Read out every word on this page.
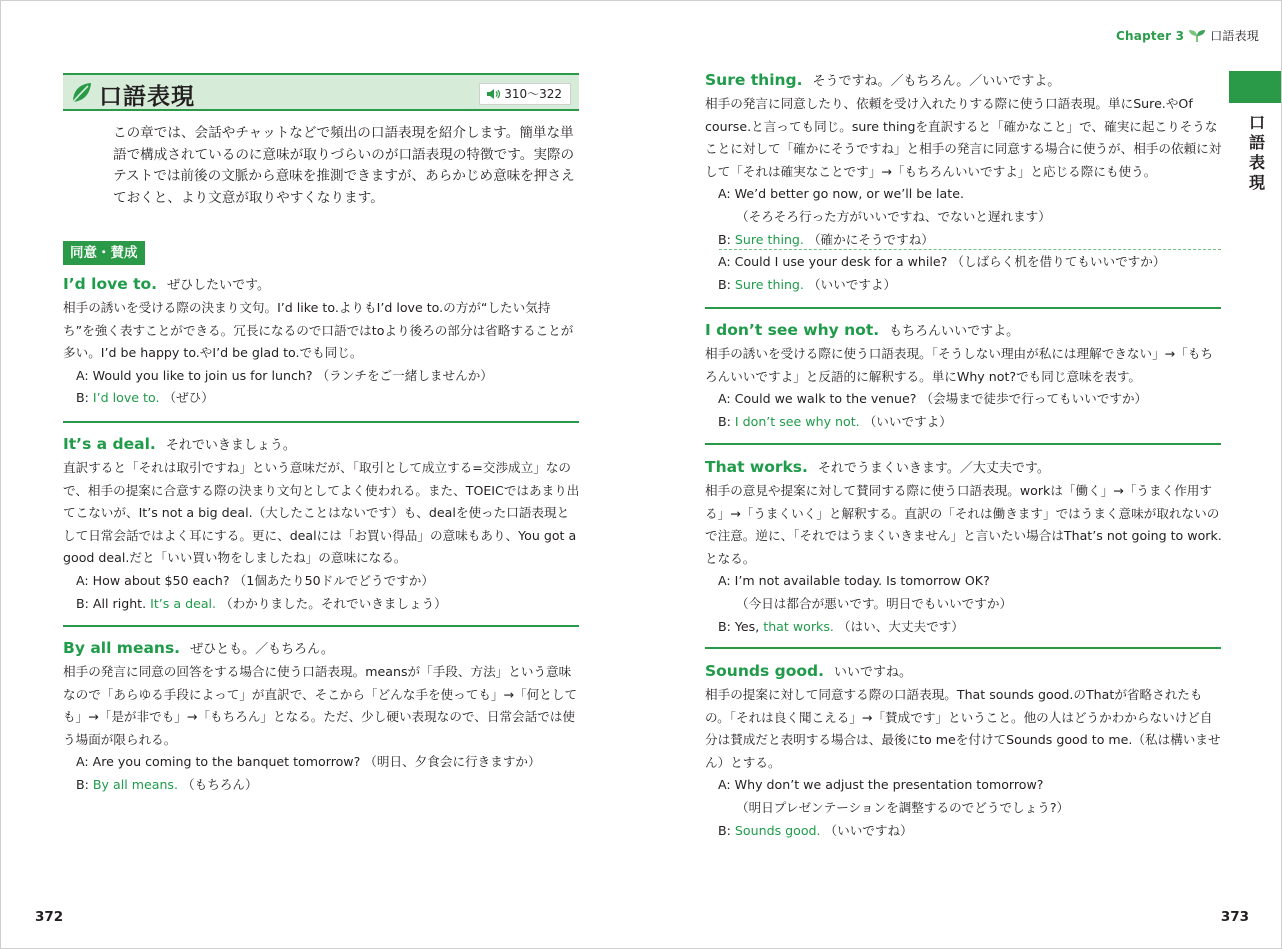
Chapter 3 口語表現
口語表現
口語表現	310～322
この章では、会話やチャットなどで頻出の口語表現を紹介します。簡単な単語で構成されているのに意味が取りづらいのが口語表現の特徴です。実際のテストでは前後の文脈から意味を推測できますが、あらかじめ意味を押さえておくと、より文意が取りやすくなります。
同意・賛成
I’d love to. ぜひしたいです。

相手の誘いを受ける際の決まり文句。I’d like to.よりもI’d love to.の方が“したい気持ち”を強く表すことができる。冗長になるので口語ではtoより後ろの部分は省略することが多い。I’d be happy to.やI’d be glad to.でも同じ。

A: Would you like to join us for lunch? （ランチをご一緒しませんか）
B: I’d love to. （ぜひ）
It’s a deal. それでいきましょう。

直訳すると「それは取引ですね」という意味だが、「取引として成立する=交渉成立」なので、相手の提案に合意する際の決まり文句としてよく使われる。また、TOEICではあまり出てこないが、It’s not a big deal.（大したことはないです）も、dealを使った口語表現として日常会話ではよく耳にする。更に、dealには「お買い得品」の意味もあり、You got a good deal.だと「いい買い物をしましたね」の意味になる。

A: How about $50 each? （1個あたり50ドルでどうですか）
B: All right. It’s a deal. （わかりました。それでいきましょう）
By all means. ぜひとも。／もちろん。

相手の発言に同意の回答をする場合に使う口語表現。meansが「手段、方法」という意味なので「あらゆる手段によって」が直訳で、そこから「どんな手を使っても」→「何としても」→「是が非でも」→「もちろん」となる。ただ、少し硬い表現なので、日常会話では使う場面が限られる。

A: Are you coming to the banquet tomorrow? （明日、夕食会に行きますか）
B: By all means. （もちろん）
Sure thing. そうですね。／もちろん。／いいですよ。

相手の発言に同意したり、依頼を受け入れたりする際に使う口語表現。単にSure.やOf course.と言っても同じ。sure thingを直訳すると「確かなこと」で、確実に起こりそうなことに対して「確かにそうですね」と相手の発言に同意する場合に使うが、相手の依頼に対して「それは確実なことです」→「もちろんいいですよ」と応じる際にも使う。

A: We’d better go now, or we’ll be late.
（そろそろ行った方がいいですね、でないと遅れます）
B: Sure thing. （確かにそうですね）
A: Could I use your desk for a while? （しばらく机を借りてもいいですか）
B: Sure thing. （いいですよ）
I don’t see why not. もちろんいいですよ。

相手の誘いを受ける際に使う口語表現。「そうしない理由が私には理解できない」→「もちろんいいですよ」と反語的に解釈する。単にWhy not?でも同じ意味を表す。

A: Could we walk to the venue? （会場まで徒歩で行ってもいいですか）
B: I don’t see why not. （いいですよ）
That works. それでうまくいきます。／大丈夫です。

相手の意見や提案に対して賛同する際に使う口語表現。workは「働く」→「うまく作用する」→「うまくいく」と解釈する。直訳の「それは働きます」ではうまく意味が取れないので注意。逆に、「それではうまくいきません」と言いたい場合はThat’s not going to work.となる。

A: I’m not available today. Is tomorrow OK?
（今日は都合が悪いです。明日でもいいですか）
B: Yes, that works. （はい、大丈夫です）
Sounds good. いいですね。

相手の提案に対して同意する際の口語表現。That sounds good.のThatが省略されたもの。「それは良く聞こえる」→「賛成です」ということ。他の人はどうかわからないけど自分は賛成だと表明する場合は、最後にto meを付けてSounds good to me.（私は構いません）とする。

A: Why don’t we adjust the presentation tomorrow?
（明日プレゼンテーションを調整するのでどうでしょう?）
B: Sounds good. （いいですね）
372	373
